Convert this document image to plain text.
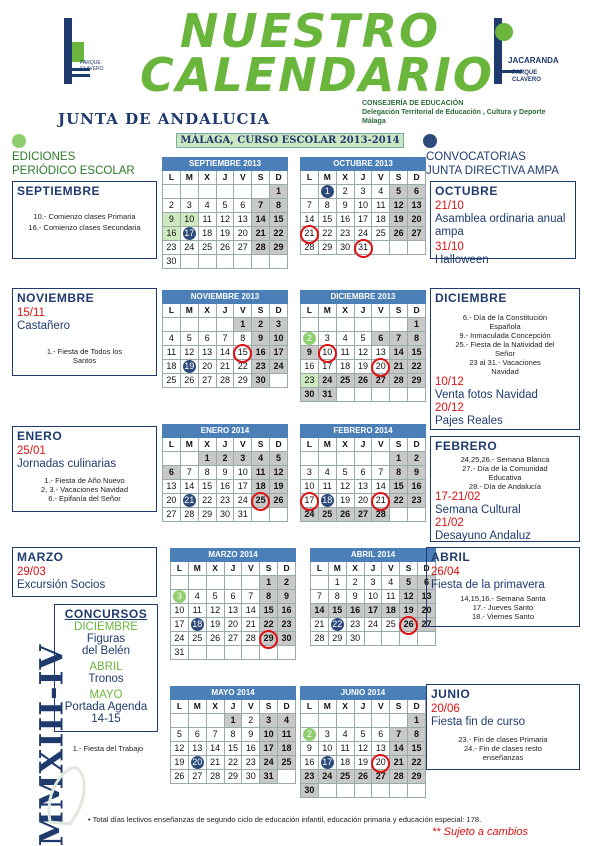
NUESTRO
CALENDARIO
PARQUE CLAVERO
JACARANDA
PARQUE
CLAVERO
JUNTA DE ANDALUCIA
CONSEJERÍA DE EDUCACIÓN
Delegación Territorial de Educación , Cultura y Deporte
Málaga
MÁLAGA, CURSO ESCOLAR 2013-2014
EDICIONES
PERIÓDICO ESCOLAR
CONVOCATORIAS
JUNTA DIRECTIVA AMPA
SEPTIEMBRE 2013						
L	M	X	J	V	S	D
						1
2	3	4	5	6	7	8
9	10	11	12	13	14	15
16	17	18	19	20	21	22
23	24	25	26	27	28	29
30						
OCTUBRE 2013						
L	M	X	J	V	S	D
	1	2	3	4	5	6
7	8	9	10	11	12	13
14	15	16	17	18	19	20
21	22	23	24	25	26	27
28	29	30	31			
NOVIEMBRE 2013						
L	M	X	J	V	S	D
				1	2	3
4	5	6	7	8	9	10
11	12	13	14	15	16	17
18	19	20	21	22	23	24
25	26	27	28	29	30	
DICIEMBRE 2013						
L	M	X	J	V	S	D
						1
2	3	4	5	6	7	8
9	10	11	12	13	14	15
16	17	18	19	20	21	22
23	24	25	26	27	28	29
30	31					
ENERO 2014						
L	M	X	J	V	S	D
		1	2	3	4	5
6	7	8	9	10	11	12
13	14	15	16	17	18	19
20	21	22	23	24	25	26
27	28	29	30	31		
FEBRERO 2014						
L	M	X	J	V	S	D
					1	2
3	4	5	6	7	8	9
10	11	12	13	14	15	16
17	18	19	20	21	22	23
24	25	26	27	28		
MARZO 2014						
L	M	X	J	V	S	D
					1	2
3	4	5	6	7	8	9
10	11	12	13	14	15	16
17	18	19	20	21	22	23
24	25	26	27	28	29	30
31						
ABRIL 2014						
L	M	X	J	V	S	D
	1	2	3	4	5	6
7	8	9	10	11	12	13
14	15	16	17	18	19	20
21	22	23	24	25	26	27
28	29	30				
MAYO 2014						
L	M	X	J	V	S	D
			1	2	3	4
5	6	7	8	9	10	11
12	13	14	15	16	17	18
19	20	21	22	23	24	25
26	27	28	29	30	31	
JUNIO 2014						
L	M	X	J	V	S	D
						1
2	3	4	5	6	7	8
9	10	11	12	13	14	15
16	17	18	19	20	21	22
23	24	25	26	27	28	29
30						
SEPTIEMBRE
10.- Comienzo clases Primaria
16.- Comienzo clases Secundaria
OCTUBRE
21/10
Asamblea ordinaria anual ampa
31/10
Halloween
NOVIEMBRE
15/11
Castañero
1.- Fiesta de Todos los Santos
DICIEMBRE
6.- Día de la Constitución Española
9.- Inmaculada Concepción
25.- Fiesta de la Natividad del Señor
23 al 31.- Vacaciones Navidad
10/12
Venta fotos Navidad
20/12
Pajes Reales
ENERO
25/01
Jornadas culinarias
1.- Fiesta de Año Nuevo
2, 3.- Vacaciones Navidad
6.- Epifanía del Señor
FEBRERO
24,25,26.- Semana Blanca
27.- Día de la Comunidad Educativa
28.- Día de Andalucía
17-21/02
Semana Cultural
21/02
Desayuno Andaluz
MARZO
29/03
Excursión Socios
ABRIL
26/04
Fiesta de la primavera
14,15,16.- Semana Santa
17.- Jueves Santo
18.- Viernes Santo
CONCURSOS
DICIEMBRE
Figuras
del Belén
ABRIL
Tronos
MAYO
Portada Agenda
14-15
1.- Fiesta del Trabajo
JUNIO
20/06
Fiesta fin de curso
23.- Fin de clases Primaria
24.- Fin de clases resto enseñanzas
MMXIII-IV • Total días lectivos enseñanzas de segundo ciclo de educación infantil, educación primaria y educación especial: 178.
** Sujeto a cambios
